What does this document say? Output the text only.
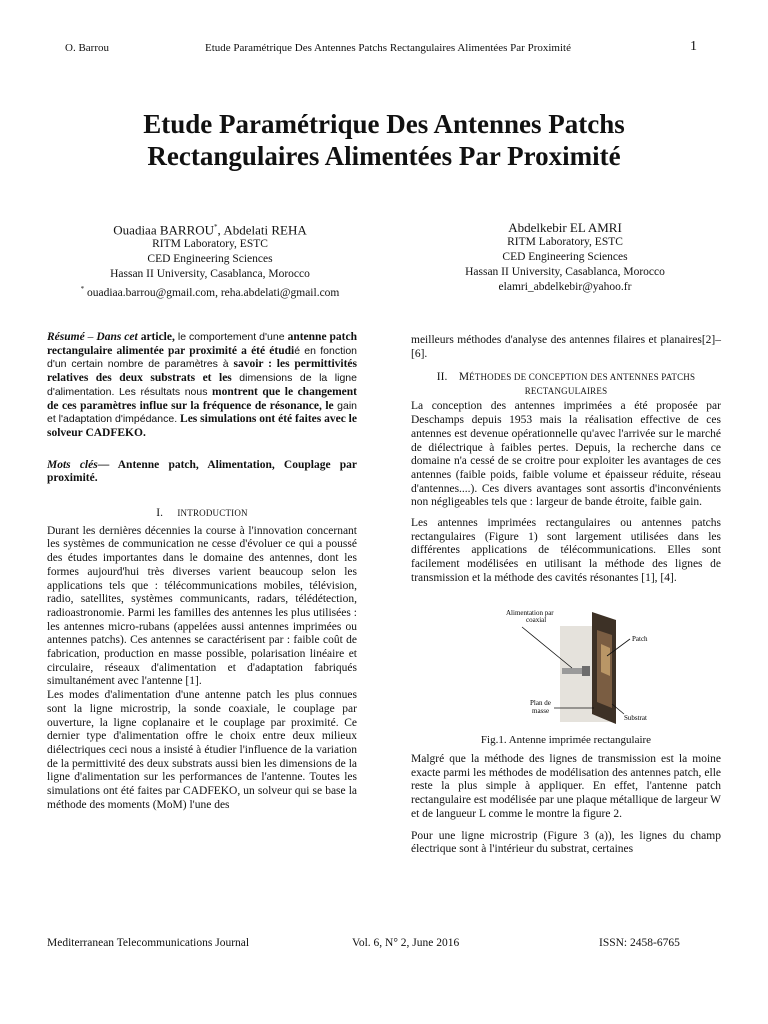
O. Barrou	Etude Paramétrique Des Antennes Patchs Rectangulaires Alimentées Par Proximité	1
Etude Paramétrique Des Antennes Patchs
Rectangulaires Alimentées Par Proximité
Ouadiaa BARROU*, Abdelati REHA
RITM Laboratory, ESTC
CED Engineering Sciences
Hassan II University, Casablanca, Morocco
* ouadiaa.barrou@gmail.com, reha.abdelati@gmail.com
Abdelkebir EL AMRI
RITM Laboratory, ESTC
CED Engineering Sciences
Hassan II University, Casablanca, Morocco
elamri_abdelkebir@yahoo.fr

Résumé – Dans cet article, le comportement d'une antenne patch rectangulaire alimentée par proximité a été étudié en fonction d'un certain nombre de paramètres à savoir : les permittivités relatives des deux substrats et les dimensions de la ligne d'alimentation. Les résultats nous montrent que le changement de ces paramètres influe sur la fréquence de résonance, le gain et l'adaptation d'impédance. Les simulations ont été faites avec le solveur CADFEKO.

Mots clés— Antenne patch, Alimentation, Couplage par proximité.

I. INTRODUCTION

Durant les dernières décennies la course à l'innovation concernant les systèmes de communication ne cesse d'évoluer ce qui a poussé des études importantes dans le domaine des antennes, dont les formes aujourd'hui très diverses varient beaucoup selon les applications tels que : télécommunications mobiles, télévision, radio, satellites, systèmes communicants, radars, télédétection, radioastronomie. Parmi les familles des antennes les plus utilisées : les antennes micro-rubans (appelées aussi antennes imprimées ou antennes patchs). Ces antennes se caractérisent par : faible coût de fabrication, production en masse possible, polarisation linéaire et circulaire, réseaux d'alimentation et d'adaptation fabriqués simultanément avec l'antenne [1].

Les modes d'alimentation d'une antenne patch les plus connues sont la ligne microstrip, la sonde coaxiale, le couplage par ouverture, la ligne coplanaire et le couplage par proximité. Ce dernier type d'alimentation offre le choix entre deux milieux diélectriques ceci nous a insisté à étudier l'influence de la variation de la permittivité des deux substrats aussi bien les dimensions de la ligne d'alimentation sur les performances de l'antenne. Toutes les simulations ont été faites par CADFEKO, un solveur qui se base la méthode des moments (MoM) l'une des

meilleurs méthodes d'analyse des antennes filaires et planaires[2]–[6].

II. MÉTHODES DE CONCEPTION DES ANTENNES PATCHS
RECTANGULAIRES

La conception des antennes imprimées a été proposée par Deschamps depuis 1953 mais la réalisation effective de ces antennes est devenue opérationnelle qu'avec l'arrivée sur le marché de diélectrique à faibles pertes. Depuis, la recherche dans ce domaine n'a cessé de se croitre pour exploiter les avantages de ces antennes (faible poids, faible volume et épaisseur réduite, réseau d'antennes....). Ces divers avantages sont assortis d'inconvénients non négligeables tels que : largeur de bande étroite, faible gain.

Les antennes imprimées rectangulaires ou antennes patchs rectangulaires (Figure 1) sont largement utilisées dans les différentes applications de télécommunications. Elles sont facilement modélisées en utilisant la méthode des lignes de transmission et la méthode des cavités résonantes [1], [4].

Alimentation par
coaxial
Patch
Plan de
masse
Substrat
Fig.1. Antenne imprimée rectangulaire

Malgré que la méthode des lignes de transmission est la moine exacte parmi les méthodes de modélisation des antennes patch, elle reste la plus simple à appliquer. En effet, l'antenne patch rectangulaire est modélisée par une plaque métallique de largeur W et de langueur L comme le montre la figure 2.

Pour une ligne microstrip (Figure 3 (a)), les lignes du champ électrique sont à l'intérieur du substrat, certaines

Mediterranean Telecommunications Journal	Vol. 6, N° 2, June 2016	ISSN: 2458-6765
